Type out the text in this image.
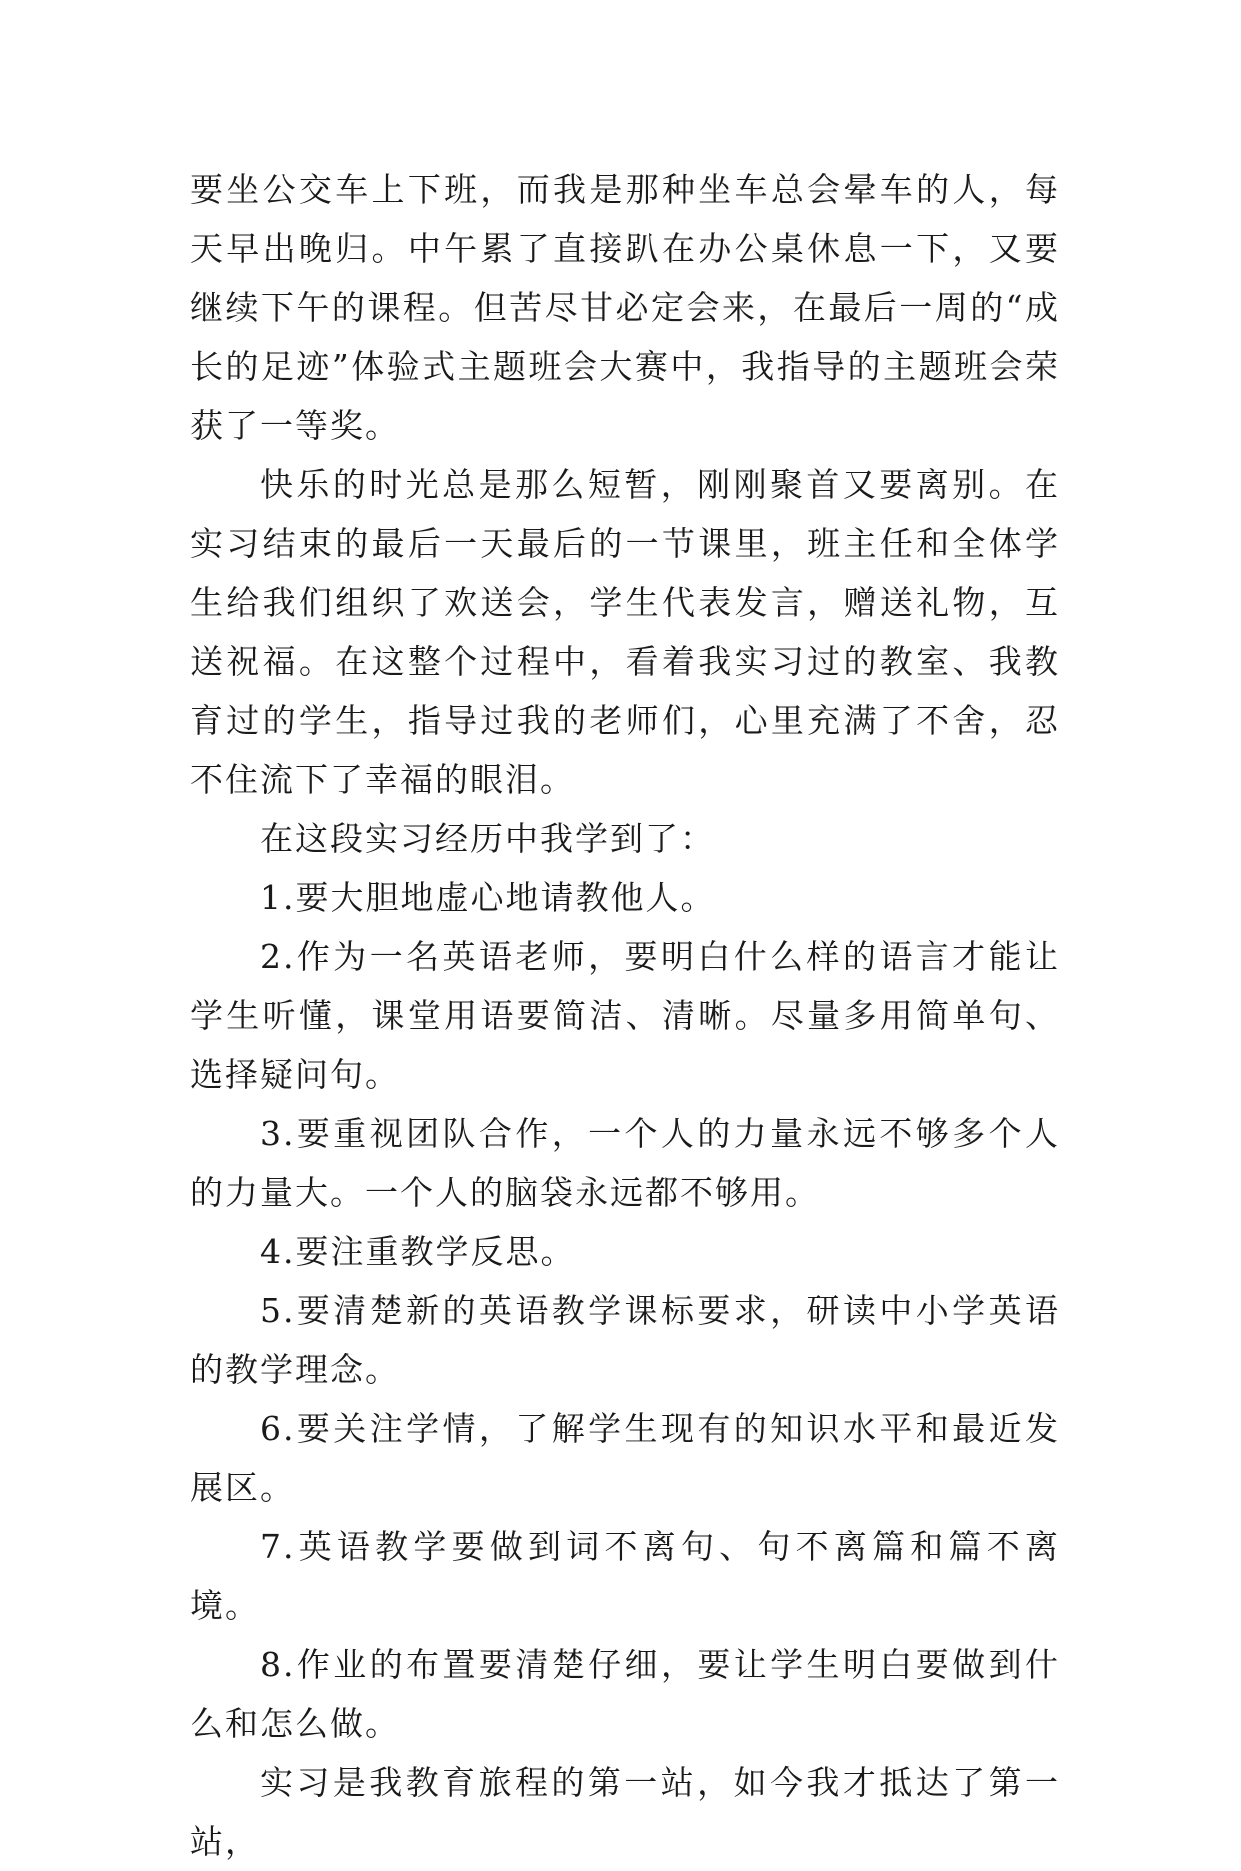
要坐公交车上下班，而我是那种坐车总会晕车的人，每天早出晚归。中午累了直接趴在办公桌休息一下，又要继续下午的课程。但苦尽甘必定会来，在最后一周的“成长的足迹”体验式主题班会大赛中，我指导的主题班会荣获了一等奖。

快乐的时光总是那么短暂，刚刚聚首又要离别。在实习结束的最后一天最后的一节课里，班主任和全体学生给我们组织了欢送会，学生代表发言，赠送礼物，互送祝福。在这整个过程中，看着我实习过的教室、我教育过的学生，指导过我的老师们，心里充满了不舍，忍不住流下了幸福的眼泪。

在这段实习经历中我学到了：

1.要大胆地虚心地请教他人。

2.作为一名英语老师，要明白什么样的语言才能让学生听懂，课堂用语要简洁、清晰。尽量多用简单句、选择疑问句。

3.要重视团队合作，一个人的力量永远不够多个人的力量大。一个人的脑袋永远都不够用。

4.要注重教学反思。

5.要清楚新的英语教学课标要求，研读中小学英语的教学理念。

6.要关注学情，了解学生现有的知识水平和最近发展区。

7.英语教学要做到词不离句、句不离篇和篇不离境。

8.作业的布置要清楚仔细，要让学生明白要做到什么和怎么做。

实习是我教育旅程的第一站，如今我才抵达了第一站，
